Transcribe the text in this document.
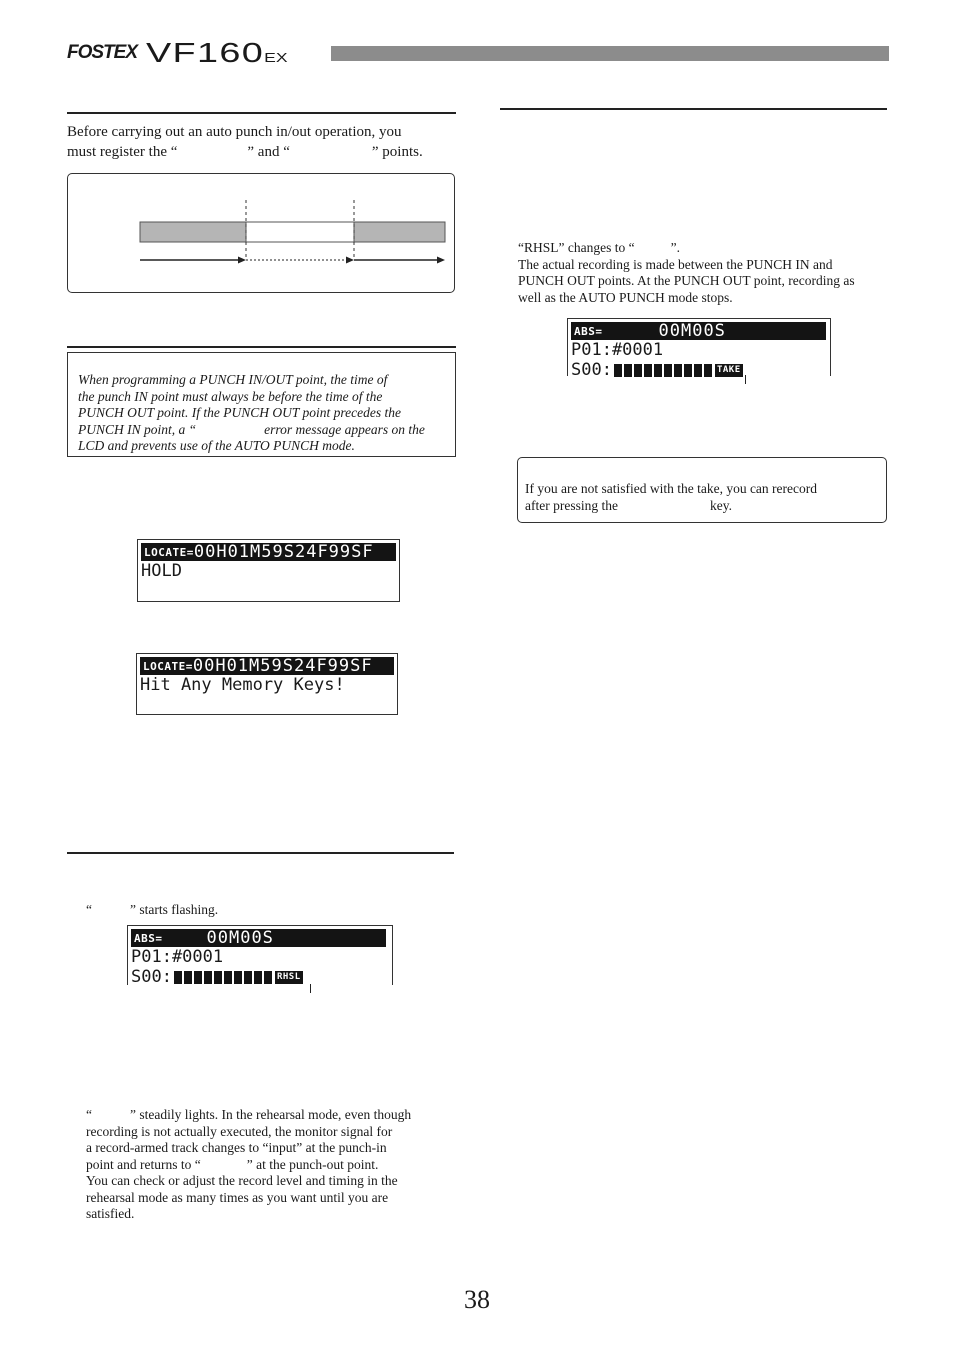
FOSTEX VF160EX
Before carrying out an auto punch in/out operation, you
must register the “	” and “	” points.
When programming a PUNCH IN/OUT point, the time of
the punch IN point must always be before the time of the
PUNCH OUT point. If the PUNCH OUT point precedes the
PUNCH IN point, a “	error message appears on the
LCD and prevents use of the AUTO PUNCH mode.
LOCATE= 00H01M59S24F99SF
HOLD
LOCATE= 00H01M59S24F99SF
Hit Any Memory Keys!
“	” starts flashing.
ABS=	00M00S
P01:#0001
S00:	RHSL
“	” steadily lights. In the rehearsal mode, even though
recording is not actually executed, the monitor signal for
a record-armed track changes to “input” at the punch-in
point and returns to “	” at the punch-out point.
You can check or adjust the record level and timing in the
rehearsal mode as many times as you want until you are
satisfied.
“RHSL” changes to “	”.
The actual recording is made between the PUNCH IN and
PUNCH OUT points. At the PUNCH OUT point, recording as
well as the AUTO PUNCH mode stops.
ABS=	00M00S
P01:#0001
S00:	TAKE
If you are not satisfied with the take, you can rerecord
after pressing the	key.
38
